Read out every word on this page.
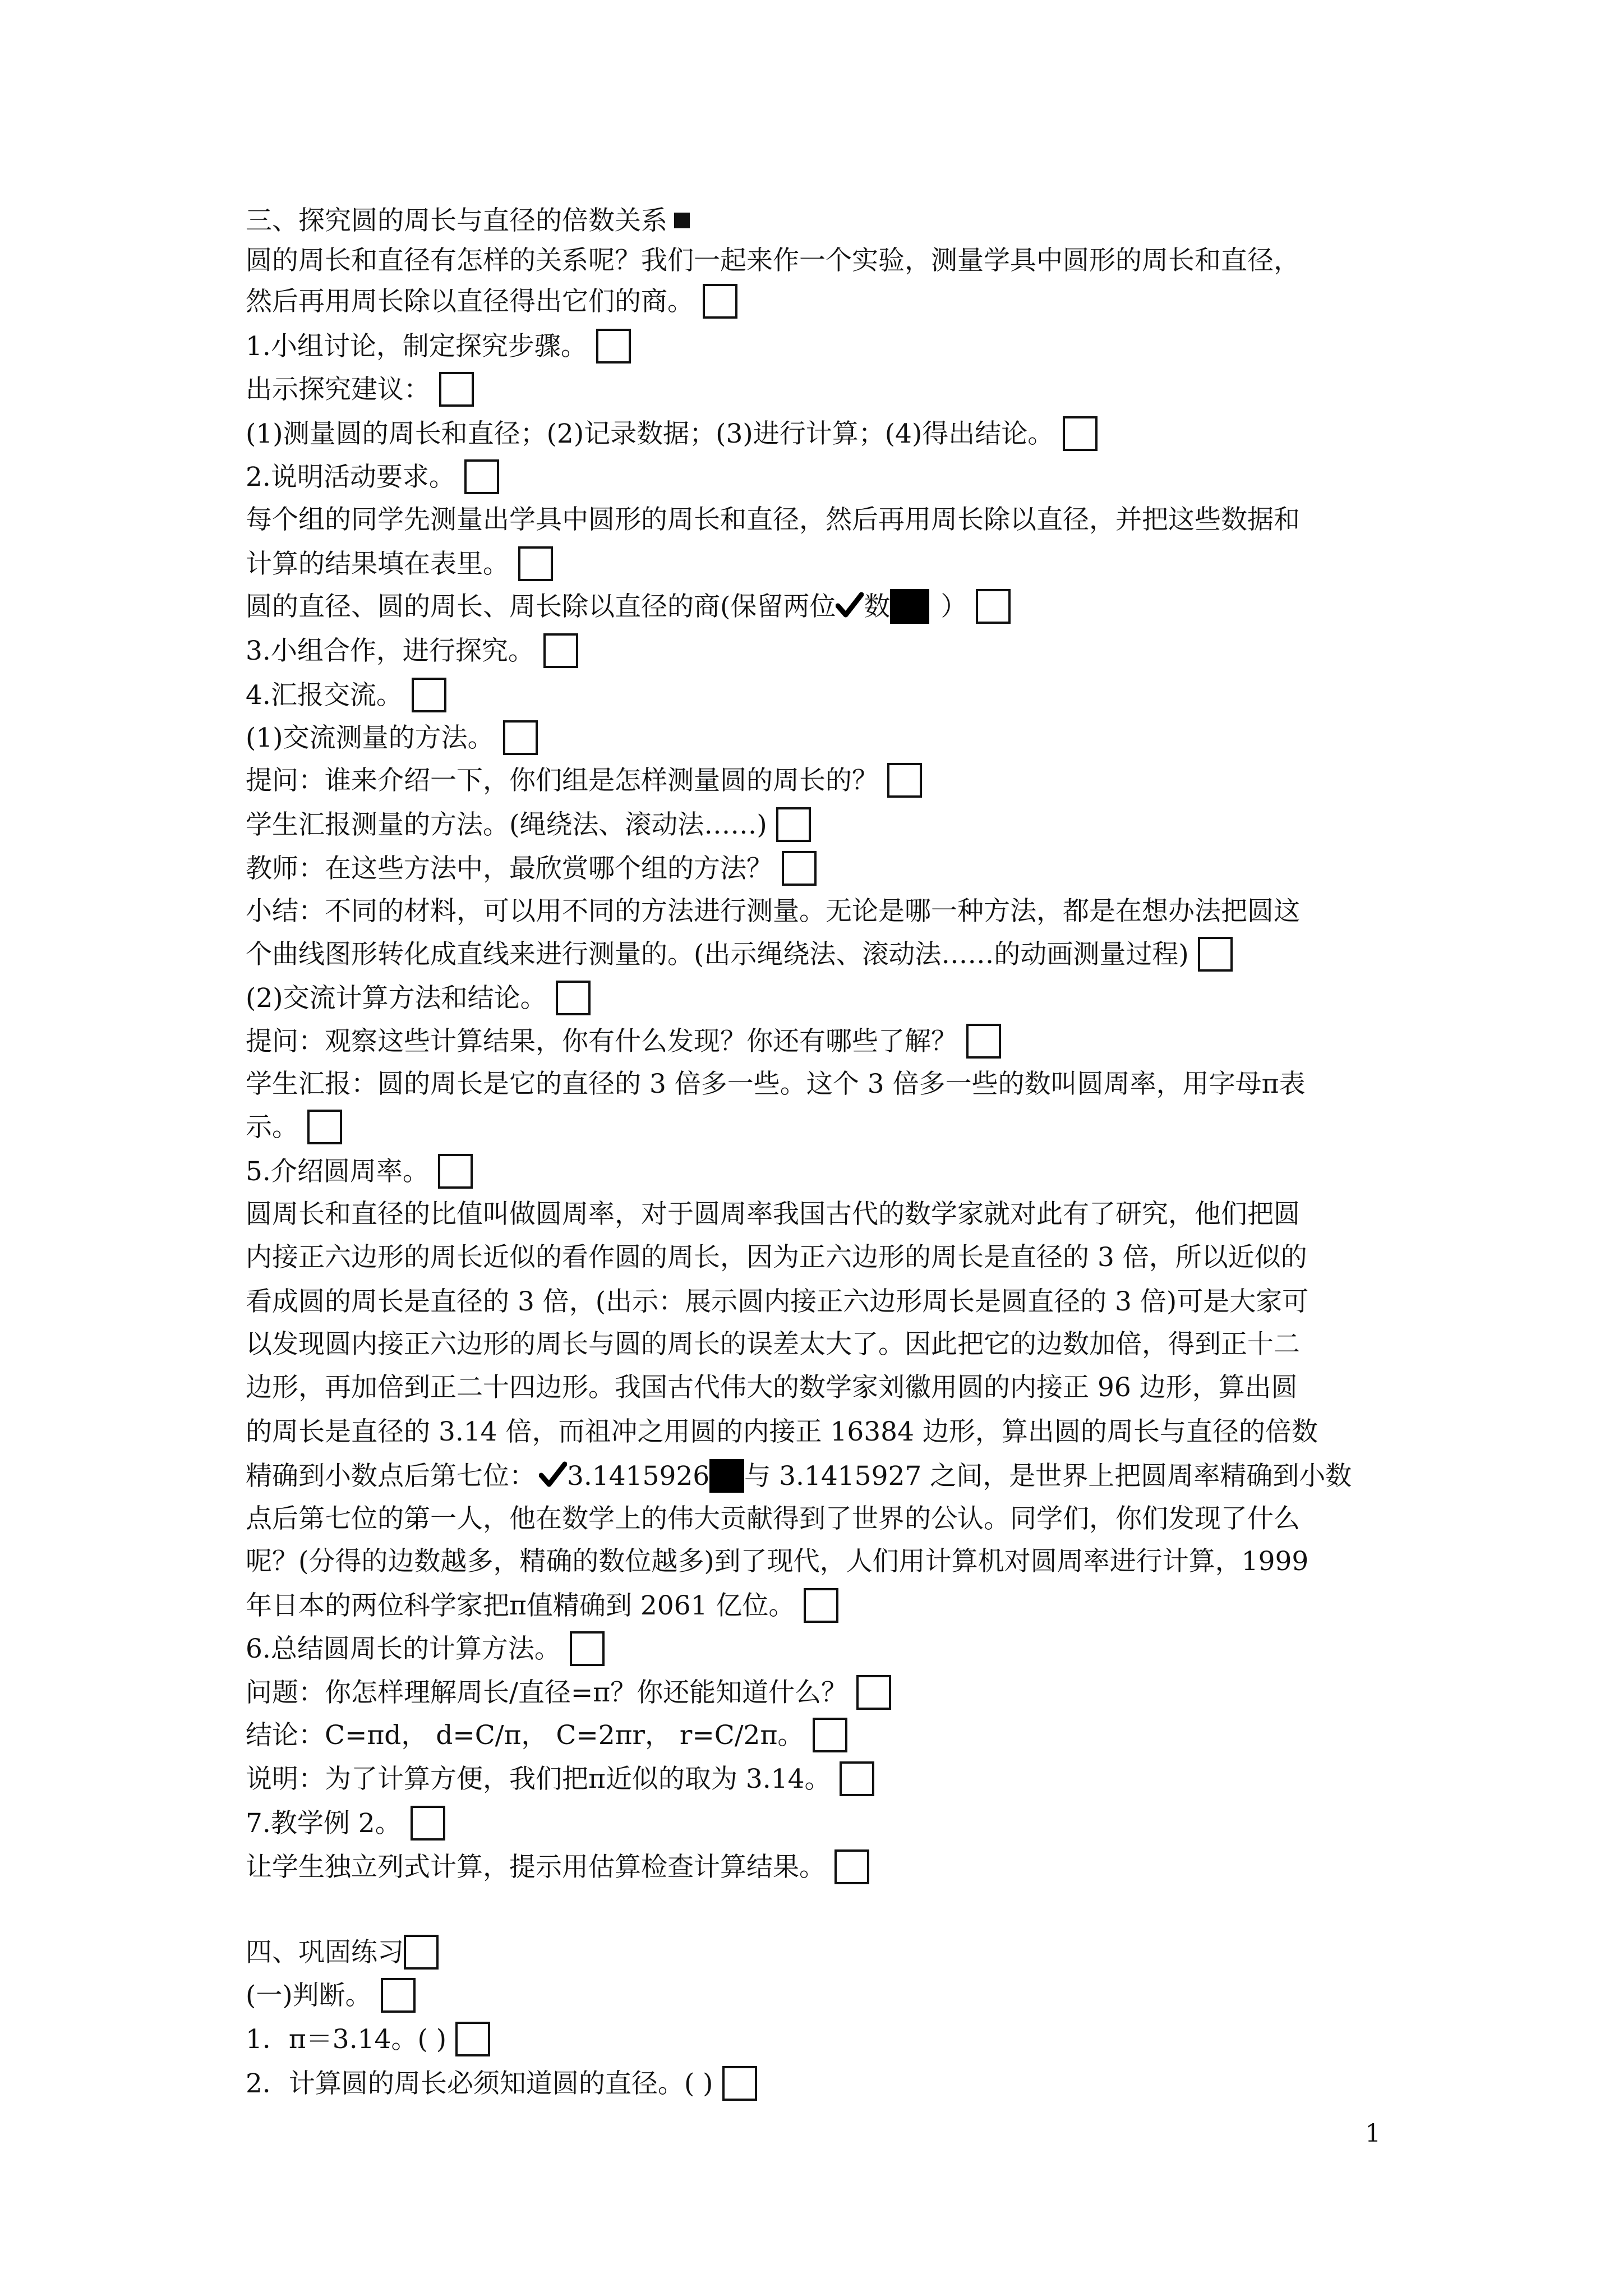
三、探究圆的周长与直径的倍数关系
圆的周长和直径有怎样的关系呢？我们一起来作一个实验，测量学具中圆形的周长和直径，
然后再用周长除以直径得出它们的商。
1.小组讨论，制定探究步骤。
出示探究建议：
(1)测量圆的周长和直径；(2)记录数据；(3)进行计算；(4)得出结论。
2.说明活动要求。
每个组的同学先测量出学具中圆形的周长和直径，然后再用周长除以直径，并把这些数据和
计算的结果填在表里。
圆的直径、圆的周长、周长除以直径的商(保留两位 数 ）
3.小组合作，进行探究。
4.汇报交流。
(1)交流测量的方法。
提问：谁来介绍一下，你们组是怎样测量圆的周长的？
学生汇报测量的方法。(绳绕法、滚动法……)
教师：在这些方法中，最欣赏哪个组的方法？
小结：不同的材料，可以用不同的方法进行测量。无论是哪一种方法，都是在想办法把圆这
个曲线图形转化成直线来进行测量的。(出示绳绕法、滚动法……的动画测量过程)
(2)交流计算方法和结论。
提问：观察这些计算结果，你有什么发现？你还有哪些了解？
学生汇报：圆的周长是它的直径的 3 倍多一些。这个 3 倍多一些的数叫圆周率，用字母π表
示。
5.介绍圆周率。
圆周长和直径的比值叫做圆周率，对于圆周率我国古代的数学家就对此有了研究，他们把圆
内接正六边形的周长近似的看作圆的周长，因为正六边形的周长是直径的 3 倍，所以近似的
看成圆的周长是直径的 3 倍，(出示：展示圆内接正六边形周长是圆直径的 3 倍)可是大家可
以发现圆内接正六边形的周长与圆的周长的误差太大了。因此把它的边数加倍，得到正十二
边形，再加倍到正二十四边形。我国古代伟大的数学家刘徽用圆的内接正 96 边形，算出圆
的周长是直径的 3.14 倍，而祖冲之用圆的内接正 16384 边形，算出圆的周长与直径的倍数
精确到小数点后第七位： 3.1415926 与 3.1415927 之间，是世界上把圆周率精确到小数
点后第七位的第一人，他在数学上的伟大贡献得到了世界的公认。同学们，你们发现了什么
呢？(分得的边数越多，精确的数位越多)到了现代，人们用计算机对圆周率进行计算，1999
年日本的两位科学家把π值精确到 2061 亿位。
6.总结圆周长的计算方法。
问题：你怎样理解周长/直径=π？你还能知道什么？
结论：C=πd， d=C/π， C=2πr， r=C/2π。
说明：为了计算方便，我们把π近似的取为 3.14。
7.教学例 2。
让学生独立列式计算，提示用估算检查计算结果。
四、巩固练习
(一)判断。
1．π＝3.14。( )
2．计算圆的周长必须知道圆的直径。( )
1
